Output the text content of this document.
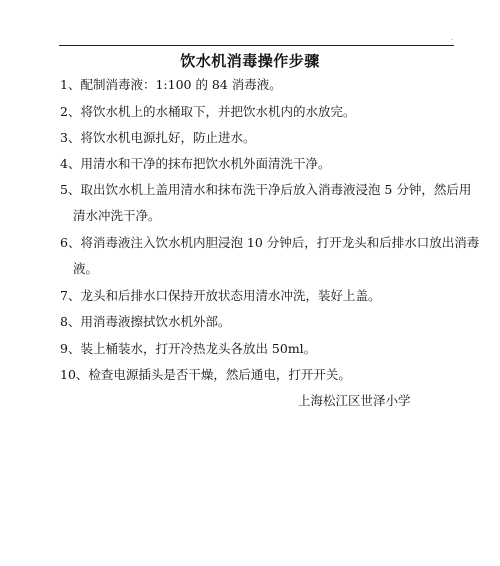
·
饮水机消毒操作步骤
1、配制消毒液：1:100 的 84 消毒液。
2、将饮水机上的水桶取下，并把饮水机内的水放完。
3、将饮水机电源扎好，防止进水。
4、用清水和干净的抹布把饮水机外面清洗干净。
5、取出饮水机上盖用清水和抹布洗干净后放入消毒液浸泡 5 分钟，然后用
清水冲洗干净。
6、将消毒液注入饮水机内胆浸泡 10 分钟后，打开龙头和后排水口放出消毒
液。
7、龙头和后排水口保持开放状态用清水冲洗，装好上盖。
8、用消毒液擦拭饮水机外部。
9、装上桶装水，打开冷热龙头各放出 50ml。
10、检查电源插头是否干燥，然后通电，打开开关。
上海松江区世泽小学
